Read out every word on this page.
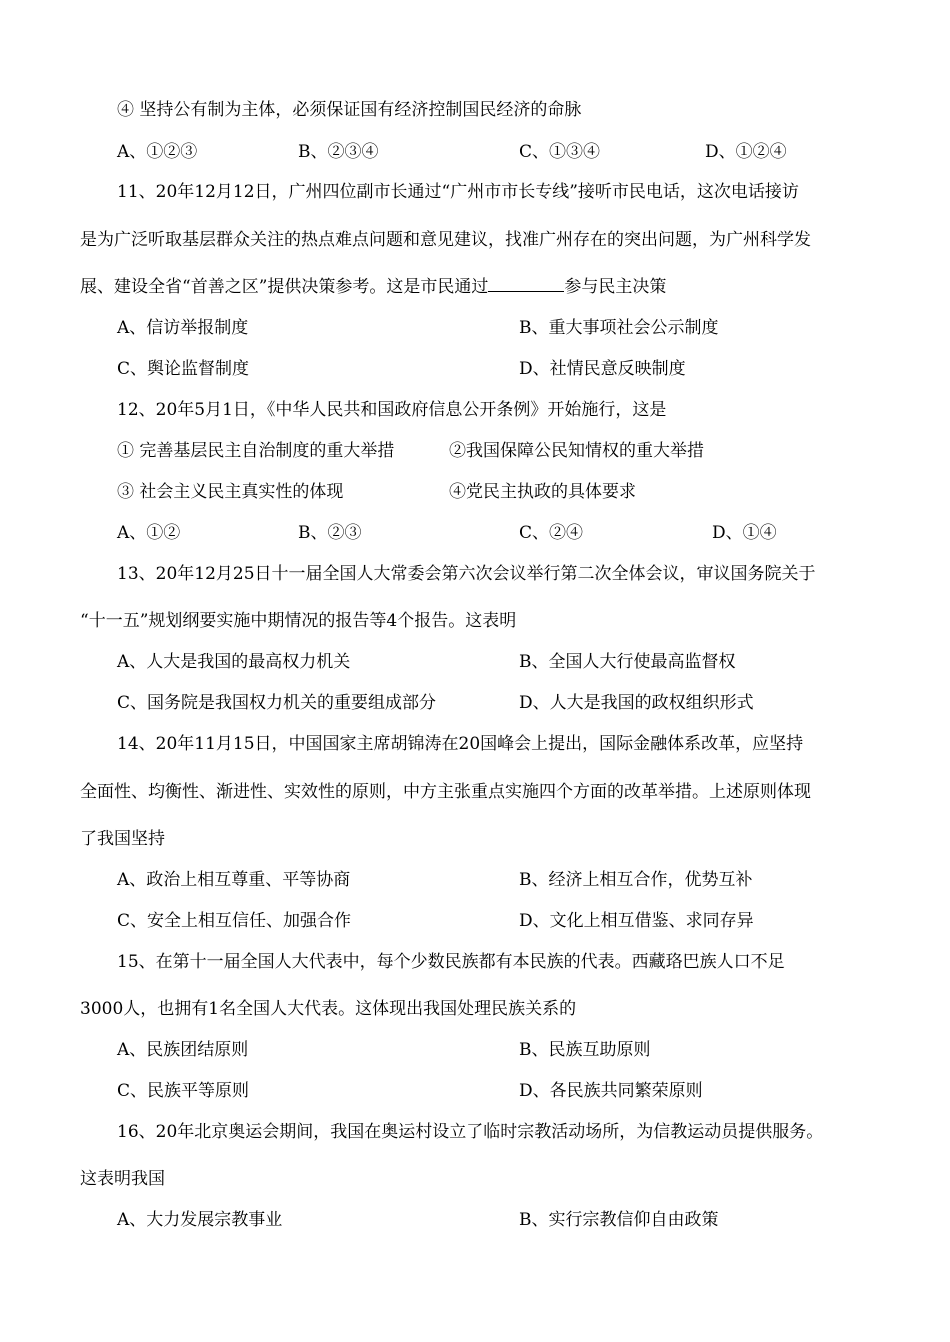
④ 坚持公有制为主体，必须保证国有经济控制国民经济的命脉
A、①②③	B、②③④	C、①③④	D、①②④
11、20年12月12日，广州四位副市长通过“广州市市长专线”接听市民电话，这次电话接访
是为广泛听取基层群众关注的热点难点问题和意见建议，找准广州存在的突出问题，为广州科学发
展、建设全省“首善之区”提供决策参考。这是市民通过	参与民主决策
A、信访举报制度	B、重大事项社会公示制度
C、舆论监督制度	D、社情民意反映制度
12、20年5月1日，《中华人民共和国政府信息公开条例》开始施行，这是
① 完善基层民主自治制度的重大举措	②我国保障公民知情权的重大举措
③ 社会主义民主真实性的体现	④党民主执政的具体要求
A、①②	B、②③	C、②④	D、①④
13、20年12月25日十一届全国人大常委会第六次会议举行第二次全体会议，审议国务院关于
“十一五”规划纲要实施中期情况的报告等4个报告。这表明
A、人大是我国的最高权力机关	B、全国人大行使最高监督权
C、国务院是我国权力机关的重要组成部分	D、人大是我国的政权组织形式
14、20年11月15日，中国国家主席胡锦涛在20国峰会上提出，国际金融体系改革，应坚持
全面性、均衡性、渐进性、实效性的原则，中方主张重点实施四个方面的改革举措。上述原则体现
了我国坚持
A、政治上相互尊重、平等协商	B、经济上相互合作，优势互补
C、安全上相互信任、加强合作	D、文化上相互借鉴、求同存异
15、在第十一届全国人大代表中，每个少数民族都有本民族的代表。西藏珞巴族人口不足
3000人，也拥有1名全国人大代表。这体现出我国处理民族关系的
A、民族团结原则	B、民族互助原则
C、民族平等原则	D、各民族共同繁荣原则
16、20年北京奥运会期间，我国在奥运村设立了临时宗教活动场所，为信教运动员提供服务。
这表明我国
A、大力发展宗教事业	B、实行宗教信仰自由政策
